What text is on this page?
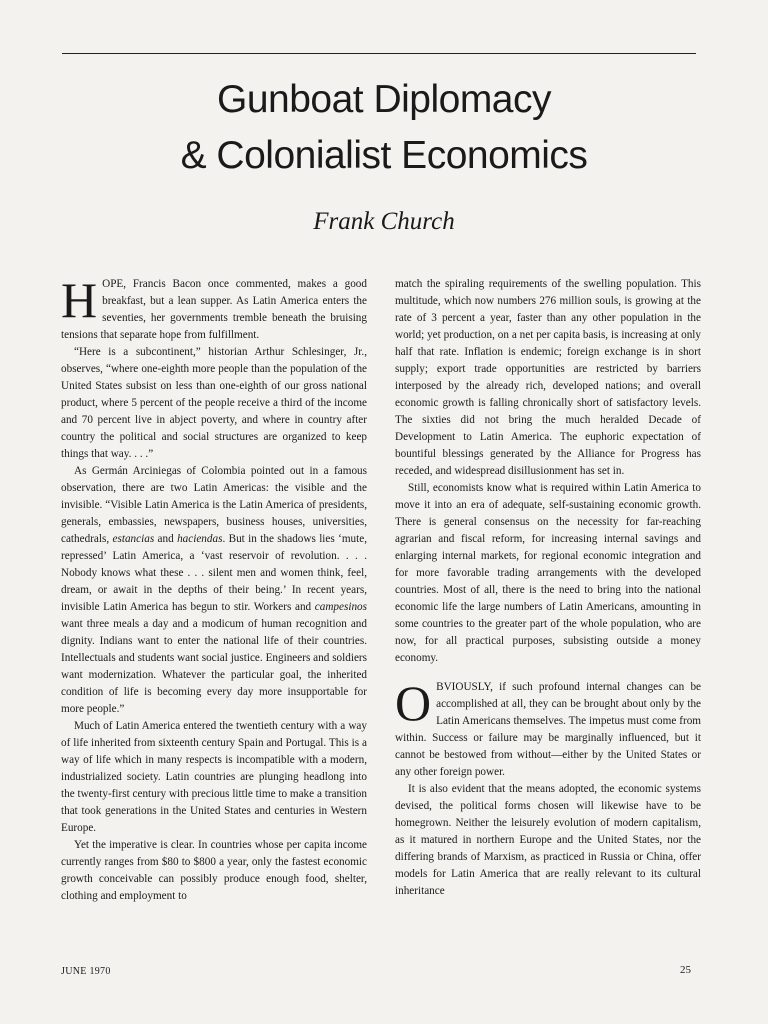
Gunboat Diplomacy
& Colonialist Economics
Frank Church

HOPE, Francis Bacon once commented, makes a good breakfast, but a lean supper. As Latin America enters the seventies, her governments tremble beneath the bruising tensions that separate hope from fulfillment.

“Here is a subcontinent,” historian Arthur Schlesinger, Jr., observes, “where one-eighth more people than the population of the United States subsist on less than one-eighth of our gross national product, where 5 percent of the people receive a third of the income and 70 percent live in abject poverty, and where in country after country the political and social structures are organized to keep things that way. . . .”

As Germán Arciniegas of Colombia pointed out in a famous observation, there are two Latin Americas: the visible and the invisible. “Visible Latin America is the Latin America of presidents, generals, embassies, newspapers, business houses, universities, cathedrals, estancias and haciendas. But in the shadows lies ‘mute, repressed’ Latin America, a ‘vast reservoir of revolution. . . . Nobody knows what these . . . silent men and women think, feel, dream, or await in the depths of their being.’ In recent years, invisible Latin America has begun to stir. Workers and campesinos want three meals a day and a modicum of human recognition and dignity. Indians want to enter the national life of their countries. Intellectuals and students want social justice. Engineers and soldiers want modernization. Whatever the particular goal, the inherited condition of life is becoming every day more insupportable for more people.”

Much of Latin America entered the twentieth century with a way of life inherited from sixteenth century Spain and Portugal. This is a way of life which in many respects is incompatible with a modern, industrialized society. Latin countries are plunging headlong into the twenty-first century with precious little time to make a transition that took generations in the United States and centuries in Western Europe.

Yet the imperative is clear. In countries whose per capita income currently ranges from $80 to $800 a year, only the fastest economic growth conceivable can possibly produce enough food, shelter, clothing and employment to

match the spiraling requirements of the swelling population. This multitude, which now numbers 276 million souls, is growing at the rate of 3 percent a year, faster than any other population in the world; yet production, on a net per capita basis, is increasing at only half that rate. Inflation is endemic; foreign exchange is in short supply; export trade opportunities are restricted by barriers interposed by the already rich, developed nations; and overall economic growth is falling chronically short of satisfactory levels. The sixties did not bring the much heralded Decade of Development to Latin America. The euphoric expectation of bountiful blessings generated by the Alliance for Progress has receded, and widespread disillusionment has set in.

Still, economists know what is required within Latin America to move it into an era of adequate, self-sustaining economic growth. There is general consensus on the necessity for far-reaching agrarian and fiscal reform, for increasing internal savings and enlarging internal markets, for regional economic integration and for more favorable trading arrangements with the developed countries. Most of all, there is the need to bring into the national economic life the large numbers of Latin Americans, amounting in some countries to the greater part of the whole population, who are now, for all practical purposes, subsisting outside a money economy.

OBVIOUSLY, if such profound internal changes can be accomplished at all, they can be brought about only by the Latin Americans themselves. The impetus must come from within. Success or failure may be marginally influenced, but it cannot be bestowed from without—either by the United States or any other foreign power.

It is also evident that the means adopted, the economic systems devised, the political forms chosen will likewise have to be homegrown. Neither the leisurely evolution of modern capitalism, as it matured in northern Europe and the United States, nor the differing brands of Marxism, as practiced in Russia or China, offer models for Latin America that are really relevant to its cultural inheritance

JUNE 1970	25
